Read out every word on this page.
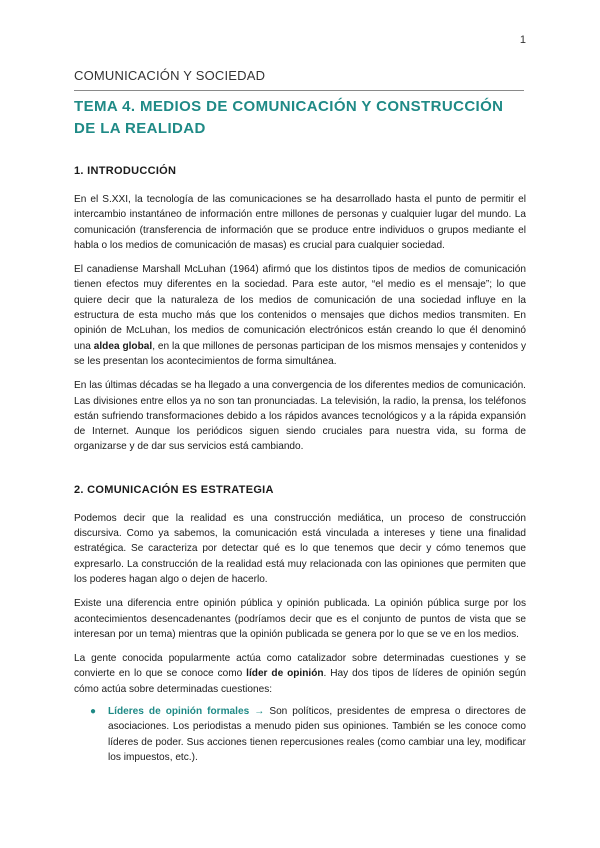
1
COMUNICACIÓN Y SOCIEDAD
TEMA 4. MEDIOS DE COMUNICACIÓN Y CONSTRUCCIÓN DE LA REALIDAD
1. INTRODUCCIÓN

En el S.XXI, la tecnología de las comunicaciones se ha desarrollado hasta el punto de permitir el intercambio instantáneo de información entre millones de personas y cualquier lugar del mundo. La comunicación (transferencia de información que se produce entre individuos o grupos mediante el habla o los medios de comunicación de masas) es crucial para cualquier sociedad.

El canadiense Marshall McLuhan (1964) afirmó que los distintos tipos de medios de comunicación tienen efectos muy diferentes en la sociedad. Para este autor, “el medio es el mensaje”; lo que quiere decir que la naturaleza de los medios de comunicación de una sociedad influye en la estructura de esta mucho más que los contenidos o mensajes que dichos medios transmiten. En opinión de McLuhan, los medios de comunicación electrónicos están creando lo que él denominó una aldea global, en la que millones de personas participan de los mismos mensajes y contenidos y se les presentan los acontecimientos de forma simultánea.

En las últimas décadas se ha llegado a una convergencia de los diferentes medios de comunicación. Las divisiones entre ellos ya no son tan pronunciadas. La televisión, la radio, la prensa, los teléfonos están sufriendo transformaciones debido a los rápidos avances tecnológicos y a la rápida expansión de Internet. Aunque los periódicos siguen siendo cruciales para nuestra vida, su forma de organizarse y de dar sus servicios está cambiando.

2. COMUNICACIÓN ES ESTRATEGIA

Podemos decir que la realidad es una construcción mediática, un proceso de construcción discursiva. Como ya sabemos, la comunicación está vinculada a intereses y tiene una finalidad estratégica. Se caracteriza por detectar qué es lo que tenemos que decir y cómo tenemos que expresarlo. La construcción de la realidad está muy relacionada con las opiniones que permiten que los poderes hagan algo o dejen de hacerlo.

Existe una diferencia entre opinión pública y opinión publicada. La opinión pública surge por los acontecimientos desencadenantes (podríamos decir que es el conjunto de puntos de vista que se interesan por un tema) mientras que la opinión publicada se genera por lo que se ve en los medios.

La gente conocida popularmente actúa como catalizador sobre determinadas cuestiones y se convierte en lo que se conoce como líder de opinión. Hay dos tipos de líderes de opinión según cómo actúa sobre determinadas cuestiones:

● Líderes de opinión formales → Son políticos, presidentes de empresa o directores de asociaciones. Los periodistas a menudo piden sus opiniones. También se les conoce como líderes de poder. Sus acciones tienen repercusiones reales (como cambiar una ley, modificar los impuestos, etc.).
